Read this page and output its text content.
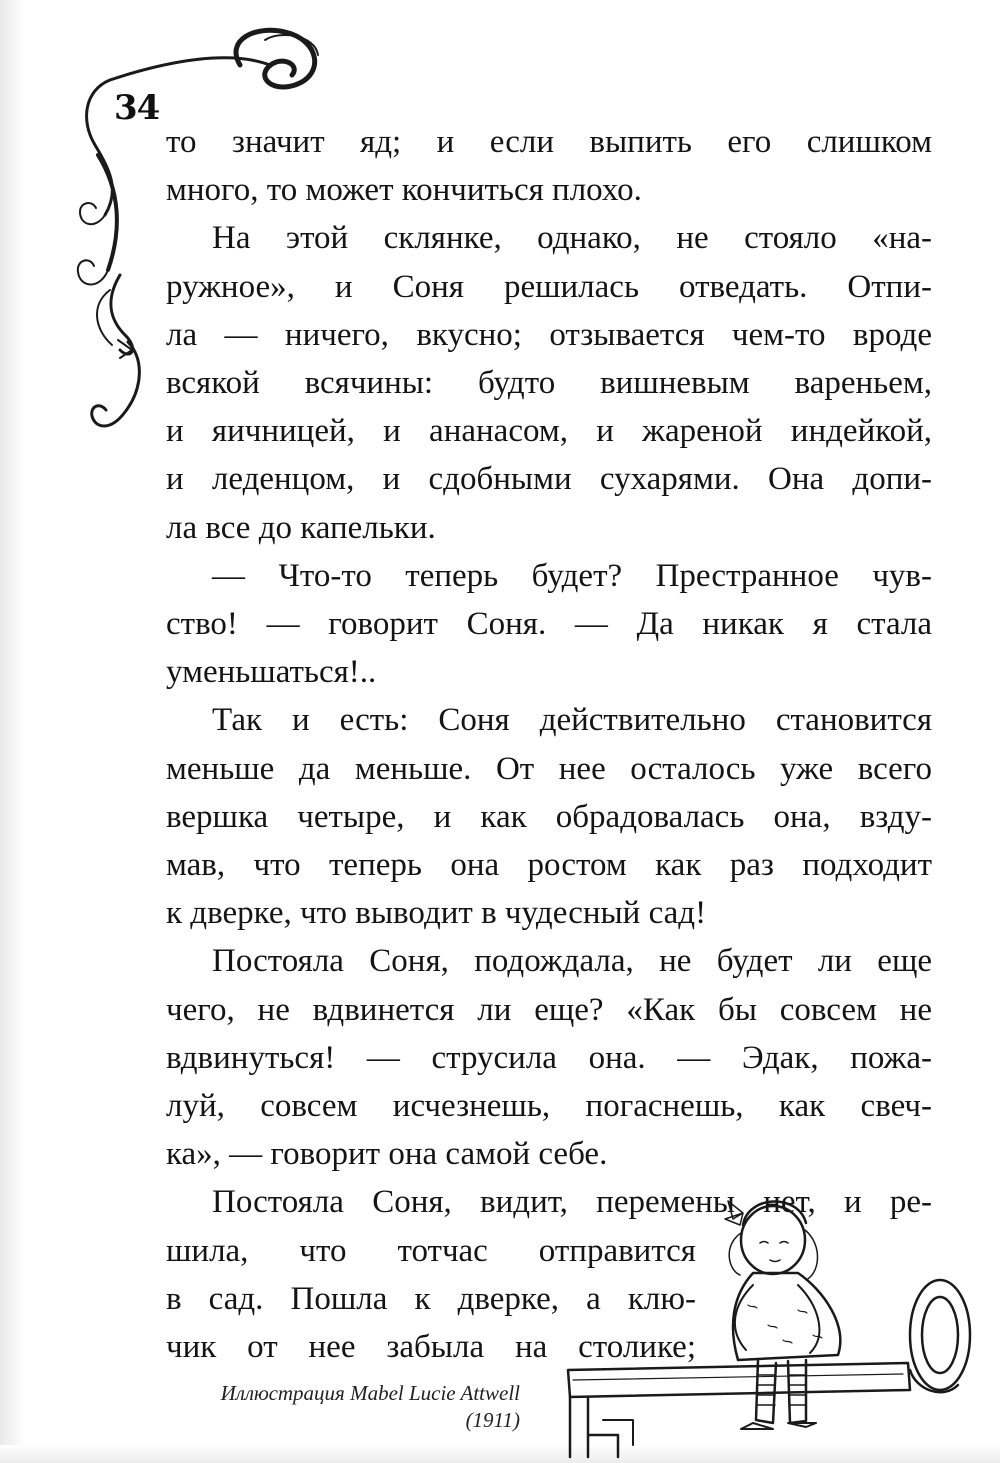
34
то значит яд; и если выпить его слишком
много, то может кончиться плохо.
На этой склянке, однако, не стояло «на-
ружное», и Соня решилась отведать. Отпи-
ла — ничего, вкусно; отзывается чем-то вроде
всякой всячины: будто вишневым вареньем,
и яичницей, и ананасом, и жареной индейкой,
и леденцом, и сдобными сухарями. Она допи-
ла все до капельки.
— Что-то теперь будет? Престранное чув-
ство! — говорит Соня. — Да никак я стала
уменьшаться!..
Так и есть: Соня действительно становится
меньше да меньше. От нее осталось уже всего
вершка четыре, и как обрадовалась она, взду-
мав, что теперь она ростом как раз подходит
к дверке, что выводит в чудесный сад!
Постояла Соня, подождала, не будет ли еще
чего, не вдвинется ли еще? «Как бы совсем не
вдвинуться! — струсила она. — Эдак, пожа-
луй, совсем исчезнешь, погаснешь, как свеч-
ка», — говорит она самой себе.
Постояла Соня, видит, перемены нет, и ре-
шила, что тотчас отправится
в сад. Пошла к дверке, а клю-
чик от нее забыла на столике;
Иллюстрация Mabel Lucie Attwell
(1911)
